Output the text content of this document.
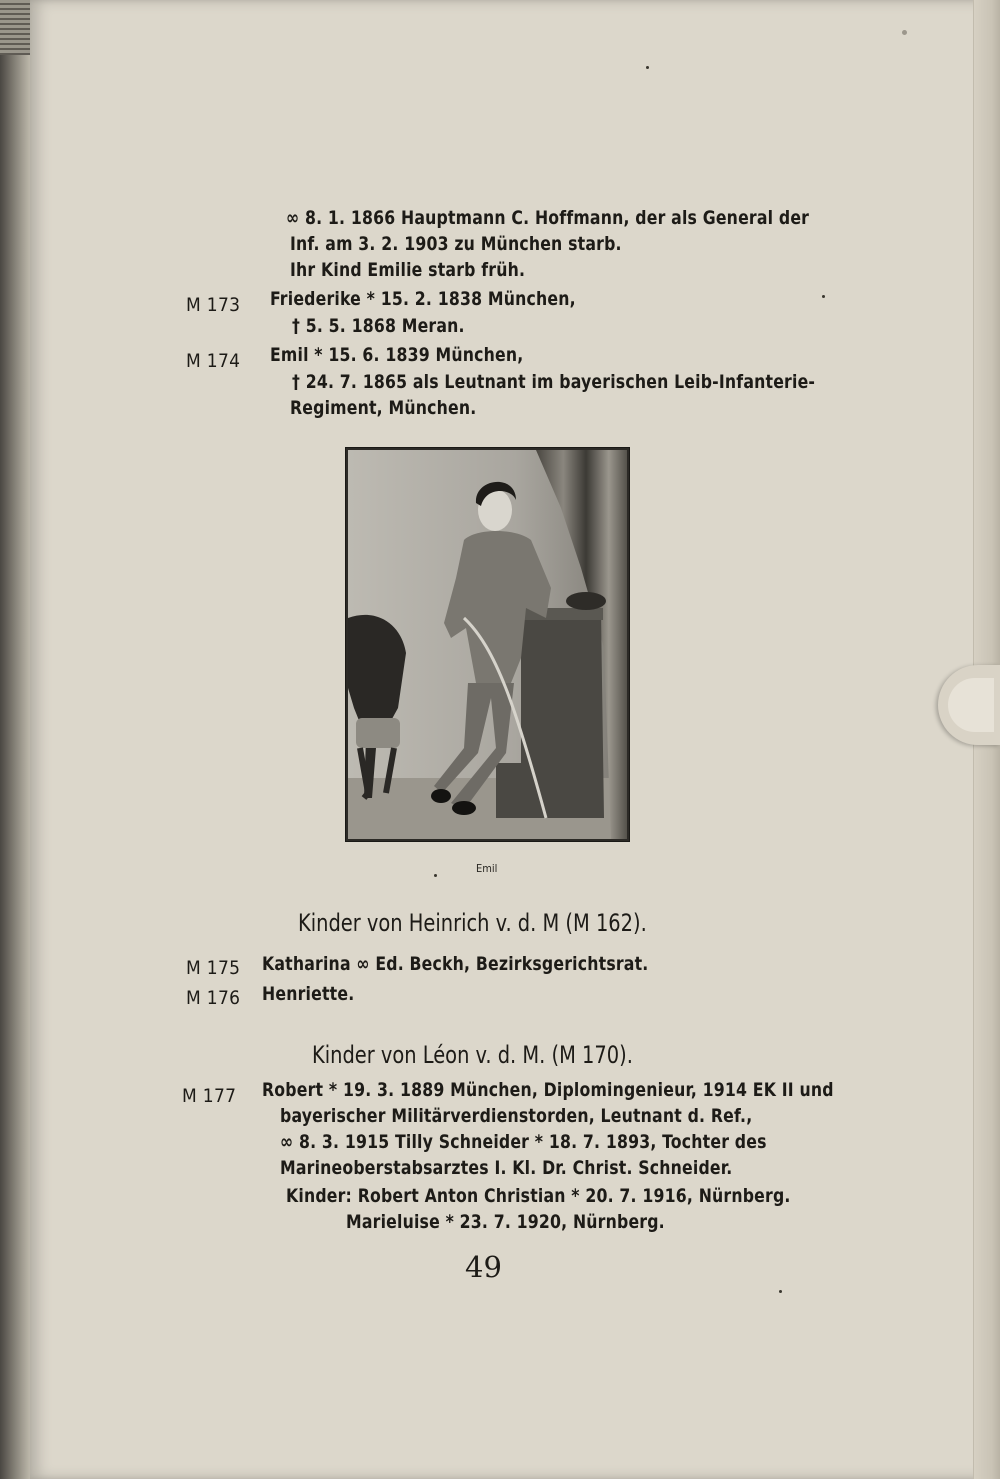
∞ 8. 1. 1866 Hauptmann C. Hoffmann, der als General der
Inf. am 3. 2. 1903 zu München starb.
Ihr Kind Emilie starb früh.
M 173 Friederike * 15. 2. 1838 München,
† 5. 5. 1868 Meran.
M 174 Emil * 15. 6. 1839 München,
† 24. 7. 1865 als Leutnant im bayerischen Leib-Infanterie-
Regiment, München.
Emil
Kinder von Heinrich v. d. M (M 162).
M 175 Katharina ∞ Ed. Beckh, Bezirksgerichtsrat.
M 176 Henriette.
Kinder von Léon v. d. M. (M 170).
M 177 Robert * 19. 3. 1889 München, Diplomingenieur, 1914 EK II und
bayerischer Militärverdienstorden, Leutnant d. Ref.,
∞ 8. 3. 1915 Tilly Schneider * 18. 7. 1893, Tochter des
Marineoberstabsarztes I. Kl. Dr. Christ. Schneider.
Kinder: Robert Anton Christian * 20. 7. 1916, Nürnberg.
Marieluise * 23. 7. 1920, Nürnberg.
49
